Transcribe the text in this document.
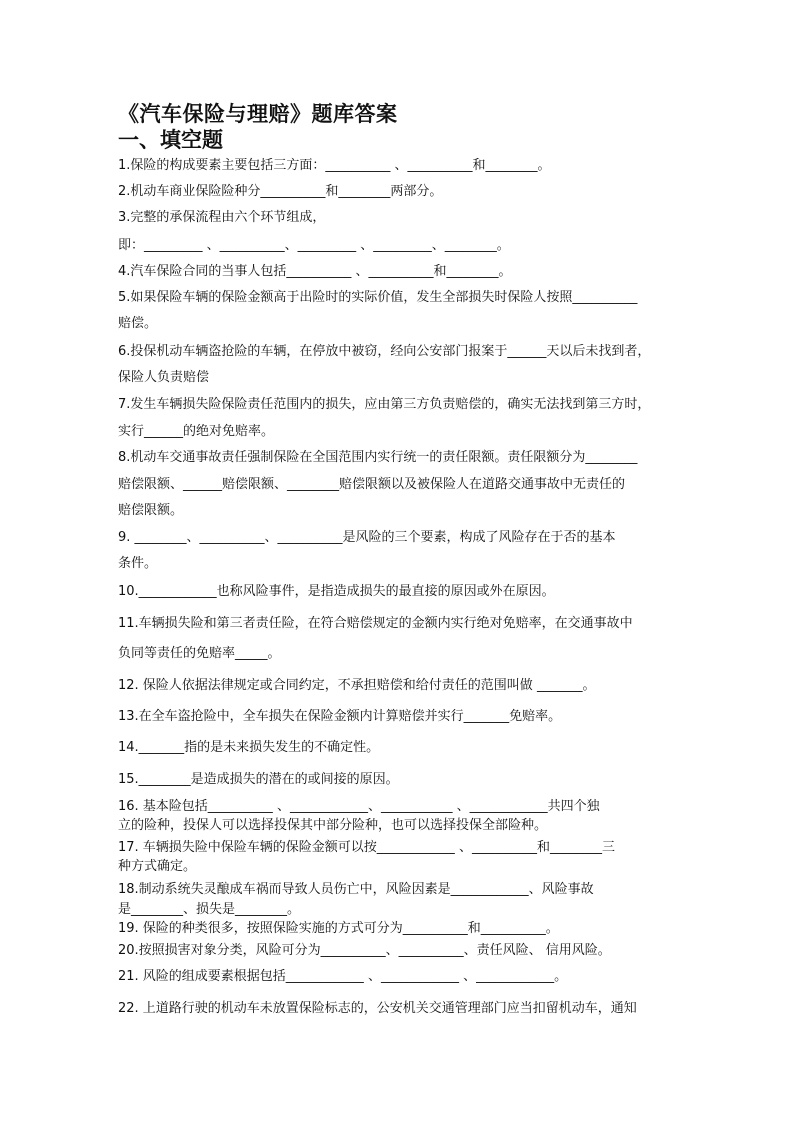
《汽车保险与理赔》题库答案
一、填空题
1.保险的构成要素主要包括三方面：__________ 、__________和________。
2.机动车商业保险险种分__________和________两部分。
3.完整的承保流程由六个环节组成，
即：_________ 、__________、_________ 、_________、________。
4.汽车保险合同的当事人包括__________ 、__________和________。
5.如果保险车辆的保险金额高于出险时的实际价值，发生全部损失时保险人按照__________
赔偿。
6.投保机动车辆盗抢险的车辆，在停放中被窃，经向公安部门报案于______天以后未找到者，
保险人负责赔偿
7.发生车辆损失险保险责任范围内的损失，应由第三方负责赔偿的，确实无法找到第三方时，
实行______的绝对免赔率。
8.机动车交通事故责任强制保险在全国范围内实行统一的责任限额。责任限额分为________
赔偿限额、______赔偿限额、________赔偿限额以及被保险人在道路交通事故中无责任的
赔偿限额。
9. ________、__________、__________是风险的三个要素，构成了风险存在于否的基本
条件。
10.____________也称风险事件，是指造成损失的最直接的原因或外在原因。
11.车辆损失险和第三者责任险，在符合赔偿规定的金额内实行绝对免赔率，在交通事故中
负同等责任的免赔率_____。
12. 保险人依据法律规定或合同约定，不承担赔偿和给付责任的范围叫做 _______。
13.在全车盗抢险中，全车损失在保险金额内计算赔偿并实行_______免赔率。
14._______指的是未来损失发生的不确定性。
15.________是造成损失的潜在的或间接的原因。
16. 基本险包括__________ 、____________、___________ 、____________共四个独
立的险种，投保人可以选择投保其中部分险种，也可以选择投保全部险种。
17. 车辆损失险中保险车辆的保险金额可以按____________ 、__________和________三
种方式确定。
18.制动系统失灵酿成车祸而导致人员伤亡中，风险因素是____________、风险事故
是________、损失是________。
19. 保险的种类很多，按照保险实施的方式可分为__________和__________。
20.按照损害对象分类，风险可分为__________、__________、责任风险、 信用风险。
21. 风险的组成要素根据包括____________ 、____________ 、____________。
22. 上道路行驶的机动车未放置保险标志的，公安机关交通管理部门应当扣留机动车，通知
